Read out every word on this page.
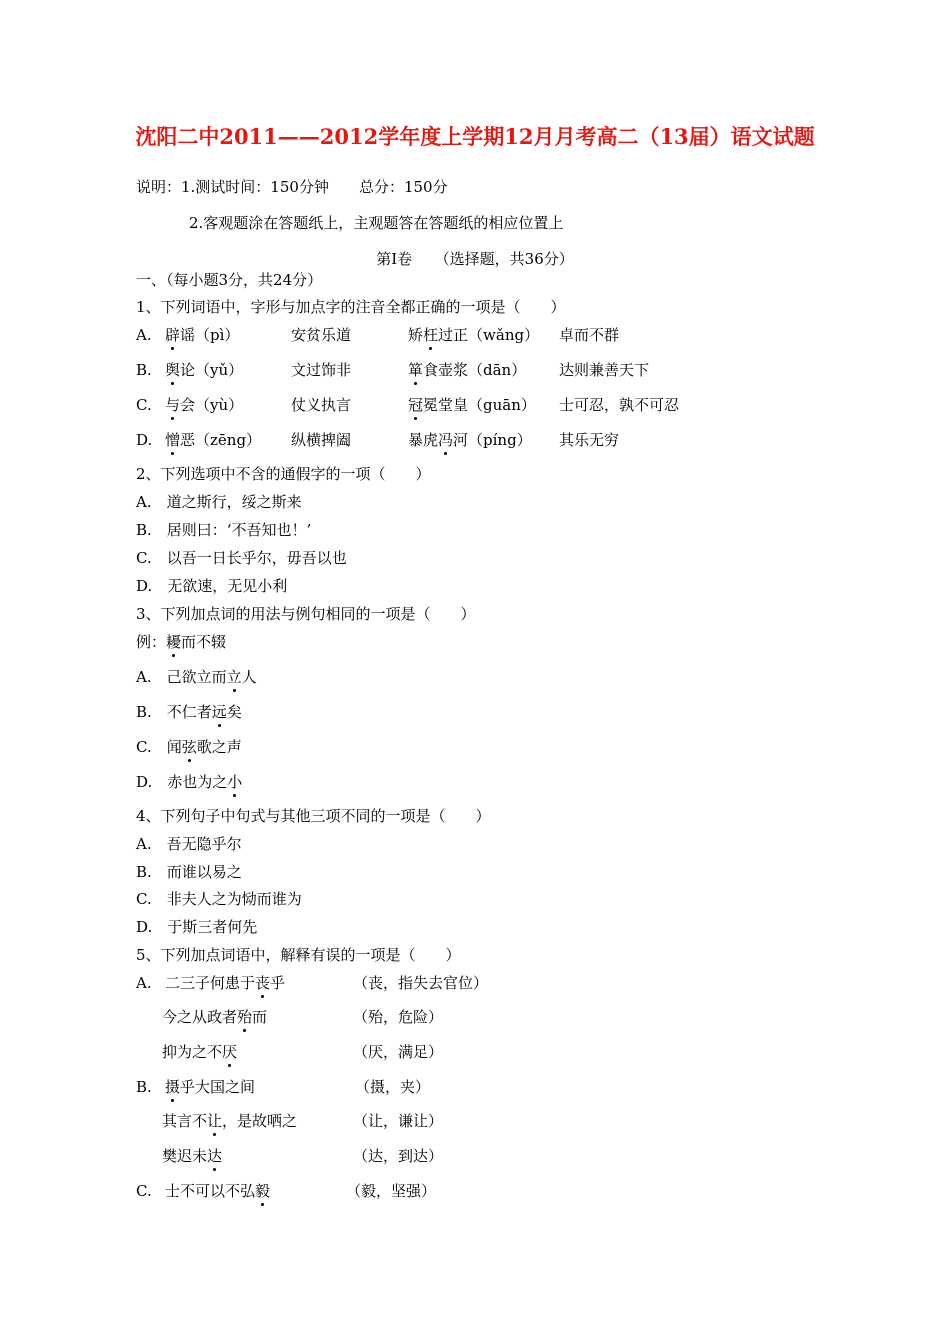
沈阳二中2011——2012学年度上学期12月月考高二（13届）语文试题
说明：1.测试时间：150分钟　　总分：150分
2.客观题涂在答题纸上，主观题答在答题纸的相应位置上
第Ⅰ卷　　（选择题，共36分）
一、（每小题3分，共24分）
1、下列词语中，字形与加点字的注音全都正确的一项是（　　）
A. 辟谣（pì）	安贫乐道	矫枉过正（wǎng） 卓而不群
B. 舆论（yǔ）	文过饰非	箪食壶浆（dān） 达则兼善天下
C. 与会（yù）	仗义执言	冠冕堂皇（guān） 士可忍，孰不可忍
D. 憎恶（zēng） 纵横捭阖	暴虎冯河（píng） 其乐无穷
2、下列选项中不含的通假字的一项（　　）
A.　道之斯行，绥之斯来
B.　居则曰：‘不吾知也！’
C.　以吾一日长乎尔，毋吾以也
D.　无欲速，无见小利
3、下列加点词的用法与例句相同的一项是（　　）
例：耰而不辍
A.　己欲立而立人
B.　不仁者远矣
C.　闻弦歌之声
D.　赤也为之小
4、下列句子中句式与其他三项不同的一项是（　　）
A.　吾无隐乎尔
B.　而谁以易之
C.　非夫人之为恸而谁为
D.　于斯三者何先
5、下列加点词语中，解释有误的一项是（　　）
A. 二三子何患于丧乎	（丧，指失去官位）
今之从政者殆而	（殆，危险）
抑为之不厌	（厌，满足）
B. 摄乎大国之间	（摄，夹）
其言不让，是故哂之	（让，谦让）
樊迟未达	（达，到达）
C. 士不可以不弘毅	（毅，坚强）
